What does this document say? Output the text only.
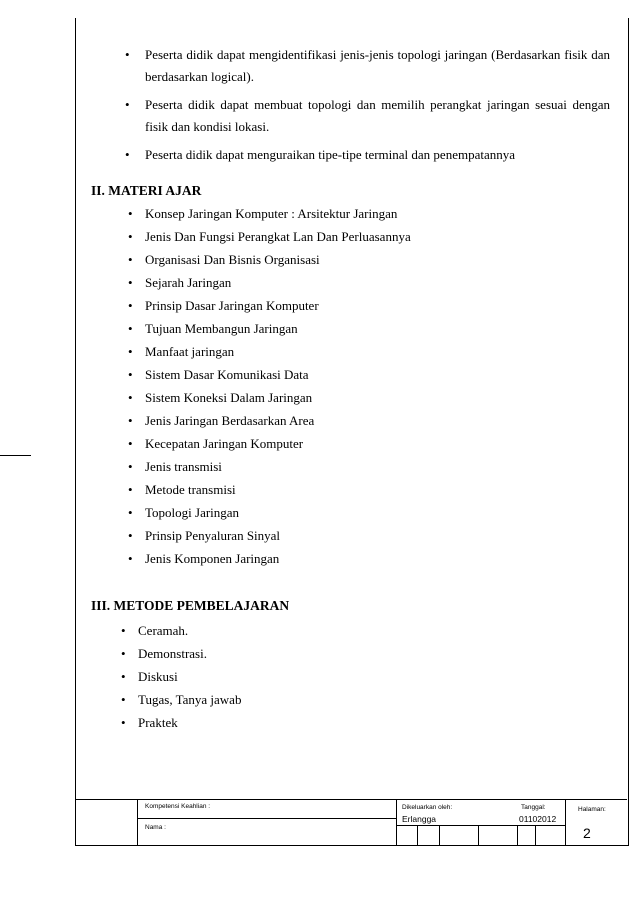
• Peserta didik dapat mengidentifikasi jenis-jenis topologi jaringan (Berdasarkan fisik dan berdasarkan logical).
• Peserta didik dapat membuat topologi dan memilih perangkat jaringan sesuai dengan fisik dan kondisi lokasi.
• Peserta didik dapat menguraikan tipe-tipe terminal dan penempatannya
II. MATERI AJAR
• Konsep Jaringan Komputer : Arsitektur Jaringan
• Jenis Dan Fungsi Perangkat Lan Dan Perluasannya
• Organisasi Dan Bisnis Organisasi
• Sejarah Jaringan
• Prinsip Dasar Jaringan Komputer
• Tujuan Membangun Jaringan
• Manfaat jaringan
• Sistem Dasar Komunikasi Data
• Sistem Koneksi Dalam Jaringan
• Jenis Jaringan Berdasarkan Area
• Kecepatan Jaringan Komputer
• Jenis transmisi
• Metode transmisi
• Topologi Jaringan
• Prinsip Penyaluran Sinyal
• Jenis Komponen Jaringan
III. METODE PEMBELAJARAN
• Ceramah.
• Demonstrasi.
• Diskusi
• Tugas, Tanya jawab
• Praktek
Kompetensi Keahlian :
Nama :
Dikeluarkan oleh:
Erlangga
Tanggal:
01102012
Halaman:
2
